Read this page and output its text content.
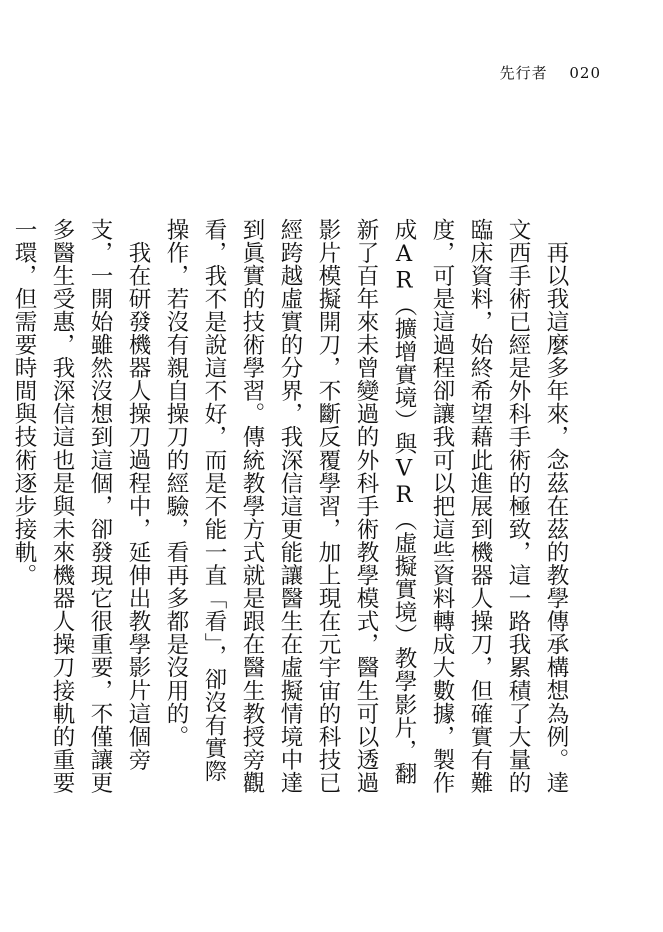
先行者 020

再以我這麼多年來，念茲在茲的教學傳承構想為例。達文西手術已經是外科手術的極致，這一路我累積了大量的臨床資料，始終希望藉此進展到機器人操刀，但確實有難度，可是這過程卻讓我可以把這些資料轉成大數據，製作成AR（擴增實境）與VR（虛擬實境）教學影片，翻新了百年來未曾變過的外科手術教學模式，醫生可以透過影片模擬開刀，不斷反覆學習，加上現在元宇宙的科技已經跨越虛實的分界，我深信這更能讓醫生在虛擬情境中達到眞實的技術學習。傳統教學方式就是跟在醫生教授旁觀看，我不是說這不好，而是不能一直「看」，卻沒有實際操作，若沒有親自操刀的經驗，看再多都是沒用的。

我在研發機器人操刀過程中，延伸出教學影片這個旁支，一開始雖然沒想到這個，卻發現它很重要，不僅讓更多醫生受惠，我深信這也是與未來機器人操刀接軌的重要一環，但需要時間與技術逐步接軌。
